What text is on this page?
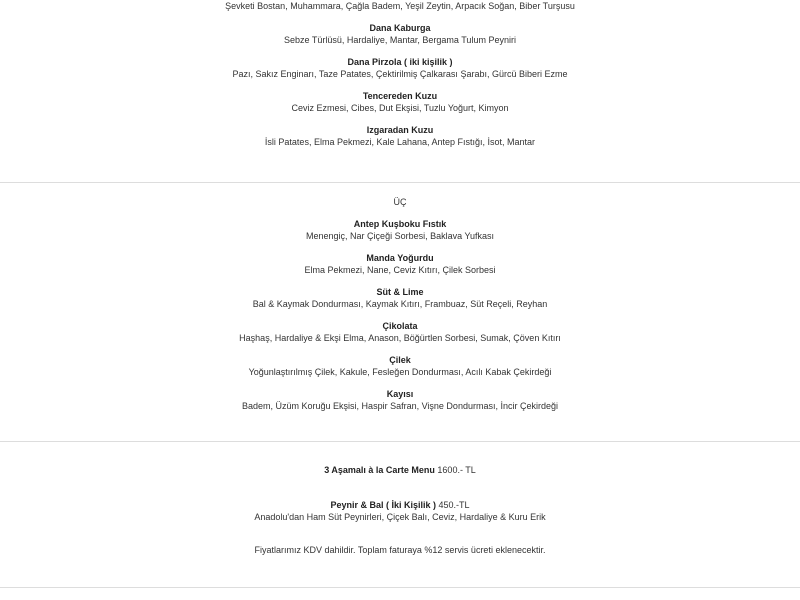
Şevketi Bostan, Muhammara, Çağla Badem, Yeşil Zeytin, Arpacık Soğan, Biber Turşusu
Dana Kaburga
Sebze Türlüsü, Hardaliye, Mantar, Bergama Tulum Peyniri
Dana Pirzola ( iki kişilik )
Pazı, Sakız Enginarı, Taze Patates, Çektirilmiş Çalkarası Şarabı, Gürcü Biberi Ezme
Tencereden Kuzu
Ceviz Ezmesi, Cibes, Dut Ekşisi, Tuzlu Yoğurt, Kimyon
Izgaradan Kuzu
İsli Patates, Elma Pekmezi, Kale Lahana, Antep Fıstığı, İsot, Mantar
ÜÇ
Antep Kuşboku Fıstık
Menengiç, Nar Çiçeği Sorbesi, Baklava Yufkası
Manda Yoğurdu
Elma Pekmezi, Nane, Ceviz Kıtırı, Çilek Sorbesi
Süt & Lime
Bal & Kaymak Dondurması, Kaymak Kıtırı, Frambuaz, Süt Reçeli, Reyhan
Çikolata
Haşhaş, Hardaliye & Ekşi Elma, Anason, Böğürtlen Sorbesi, Sumak, Çöven Kıtırı
Çilek
Yoğunlaştırılmış Çilek, Kakule, Fesleğen Dondurması, Acılı Kabak Çekirdeği
Kayısı
Badem, Üzüm Koruğu Ekşisi, Haspir Safran, Vişne Dondurması, İncir Çekirdeği
3 Aşamalı à la Carte Menu 1600.- TL
Peynir & Bal ( İki Kişilik ) 450.-TL
Anadolu'dan Ham Süt Peynirleri, Çiçek Balı, Ceviz, Hardaliye & Kuru Erik
Fiyatlarımız KDV dahildir. Toplam faturaya %12 servis ücreti eklenecektir.
